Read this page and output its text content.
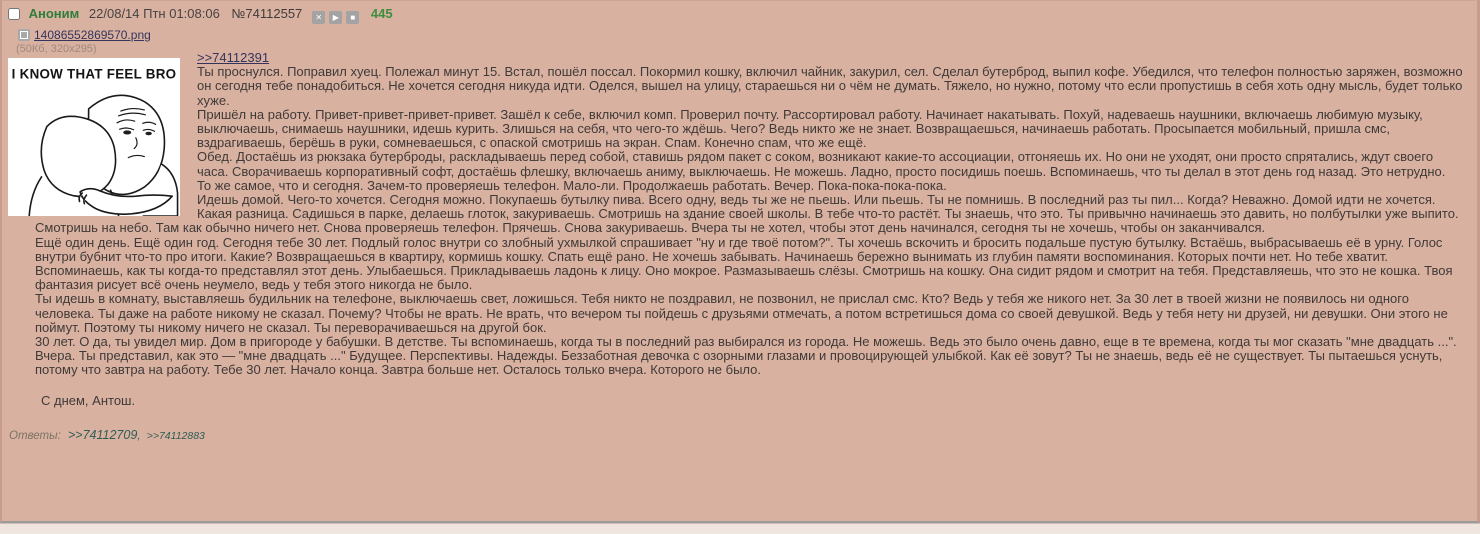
Аноним 22/08/14 Птн 01:08:06 №74112557 ✕ ▶ ■ 445
14086552869570.png
(50Кб, 320x295)
I KNOW THAT FEEL BRO
>>74112391
Ты проснулся. Поправил хуец. Полежал минут 15. Встал, пошёл поссал. Покормил кошку, включил чайник, закурил, сел. Сделал бутерброд, выпил кофе. Убедился, что телефон полностью заряжен, возможно он сегодня тебе понадобиться. Не хочется сегодня никуда идти. Оделся, вышел на улицу, стараешься ни о чём не думать. Тяжело, но нужно, потому что если пропустишь в себя хоть одну мысль, будет только хуже.
Пришёл на работу. Привет-привет-привет-привет. Зашёл к себе, включил комп. Проверил почту. Рассортировал работу. Начинает накатывать. Похуй, надеваешь наушники, включаешь любимую музыку, выключаешь, снимаешь наушники, идешь курить. Злишься на себя, что чего-то ждёшь. Чего? Ведь никто же не знает. Возвращаешься, начинаешь работать. Просыпается мобильный, пришла смс, вздрагиваешь, берёшь в руки, сомневаешься, с опаской смотришь на экран. Спам. Конечно спам, что же ещё.
Обед. Достаёшь из рюкзака бутерброды, раскладываешь перед собой, ставишь рядом пакет с соком, возникают какие-то ассоциации, отгоняешь их. Но они не уходят, они просто спрятались, ждут своего часа. Сворачиваешь корпоративный софт, достаёшь флешку, включаешь аниму, выключаешь. Не можешь. Ладно, просто посидишь поешь. Вспоминаешь, что ты делал в этот день год назад. Это нетрудно. То же самое, что и сегодня. Зачем-то проверяешь телефон. Мало-ли. Продолжаешь работать. Вечер. Пока-пока-пока-пока.
Идешь домой. Чего-то хочется. Сегодня можно. Покупаешь бутылку пива. Всего одну, ведь ты же не пьешь. Или пьешь. Ты не помнишь. В последний раз ты пил... Когда? Неважно. Домой идти не хочется. Какая разница. Садишься в парке, делаешь глоток, закуриваешь. Смотришь на здание своей школы. В тебе что-то растёт. Ты знаешь, что это. Ты привычно начинаешь это давить, но полбутылки уже выпито. Смотришь на небо. Там как обычно ничего нет. Снова проверяешь телефон. Прячешь. Снова закуриваешь. Вчера ты не хотел, чтобы этот день начинался, сегодня ты не хочешь, чтобы он заканчивался.
Ещё один день. Ещё один год. Сегодня тебе 30 лет. Подлый голос внутри со злобный ухмылкой спрашивает "ну и где твоё потом?". Ты хочешь вскочить и бросить подальше пустую бутылку. Встаёшь, выбрасываешь её в урну. Голос внутри бубнит что-то про итоги. Какие? Возвращаешься в квартиру, кормишь кошку. Спать ещё рано. Не хочешь забывать. Начинаешь бережно вынимать из глубин памяти воспоминания. Которых почти нет. Но тебе хватит. Вспоминаешь, как ты когда-то представлял этот день. Улыбаешься. Прикладываешь ладонь к лицу. Оно мокрое. Размазываешь слёзы. Смотришь на кошку. Она сидит рядом и смотрит на тебя. Представляешь, что это не кошка. Твоя фантазия рисует всё очень неумело, ведь у тебя этого никогда не было.
Ты идешь в комнату, выставляешь будильник на телефоне, выключаешь свет, ложишься. Тебя никто не поздравил, не позвонил, не прислал смс. Кто? Ведь у тебя же никого нет. За 30 лет в твоей жизни не появилось ни одного человека. Ты даже на работе никому не сказал. Почему? Чтобы не врать. Не врать, что вечером ты пойдешь с друзьями отмечать, а потом встретишься дома со своей девушкой. Ведь у тебя нету ни друзей, ни девушки. Они этого не поймут. Поэтому ты никому ничего не сказал. Ты переворачиваешься на другой бок.
30 лет. О да, ты увидел мир. Дом в пригороде у бабушки. В детстве. Ты вспоминаешь, когда ты в последний раз выбирался из города. Не можешь. Ведь это было очень давно, еще в те времена, когда ты мог сказать "мне двадцать ...". Вчера. Ты представил, как это — "мне двадцать ..." Будущее. Перспективы. Надежды. Беззаботная девочка с озорными глазами и провоцирующей улыбкой. Как её зовут? Ты не знаешь, ведь её не существует. Ты пытаешься уснуть, потому что завтра на работу. Тебе 30 лет. Начало конца. Завтра больше нет. Осталось только вчера. Которого не было.
С днем, Антош.
Ответы: >>74112709, >>74112883
